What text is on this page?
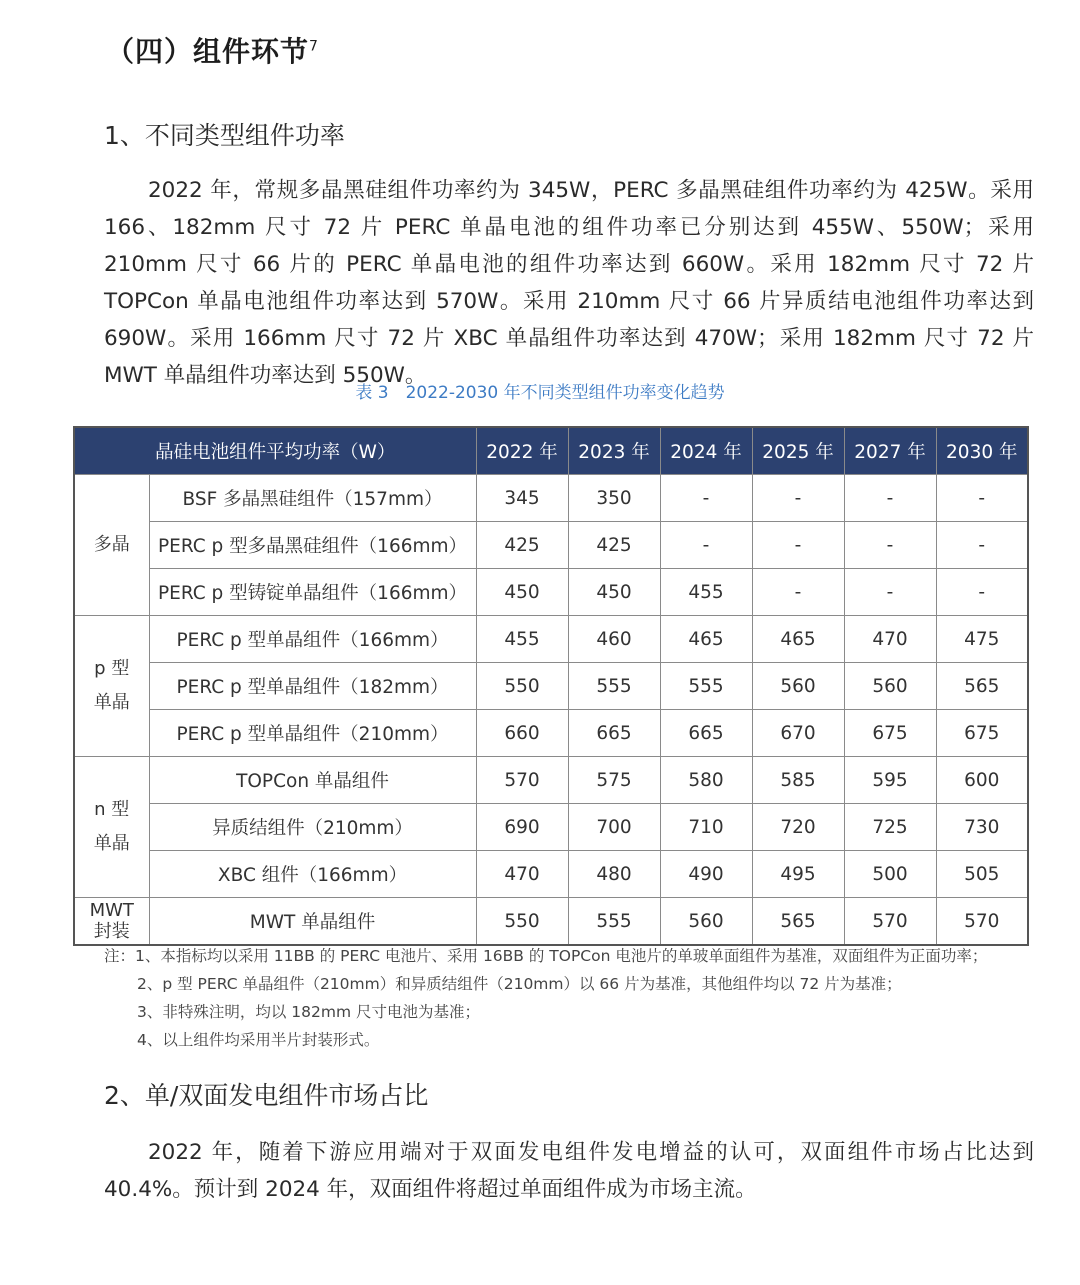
（四）组件环节$^7$
1、不同类型组件功率
2022 年，常规多晶黑硅组件功率约为 345W，PERC 多晶黑硅组件功率约为 425W。采用 166、182mm 尺寸 72 片 PERC 单晶电池的组件功率已分别达到 455W、550W；采用 210mm 尺寸 66 片的 PERC 单晶电池的组件功率达到 660W。采用 182mm 尺寸 72 片 TOPCon 单晶电池组件功率达到 570W。采用 210mm 尺寸 66 片异质结电池组件功率达到 690W。采用 166mm 尺寸 72 片 XBC 单晶组件功率达到 470W；采用 182mm 尺寸 72 片 MWT 单晶组件功率达到 550W。
表 3　2022-2030 年不同类型组件功率变化趋势
晶硅电池组件平均功率（W）		2022 年	2023 年	2024 年	2025 年	2027 年	2030 年
多晶	BSF 多晶黑硅组件（157mm）	345	350	-	-	-	-
	PERC p 型多晶黑硅组件（166mm）	425	425	-	-	-	-
	PERC p 型铸锭单晶组件（166mm）	450	450	455	-	-	-
p 型
单晶	PERC p 型单晶组件（166mm）	455	460	465	465	470	475
	PERC p 型单晶组件（182mm）	550	555	555	560	560	565
	PERC p 型单晶组件（210mm）	660	665	665	670	675	675
n 型
单晶	TOPCon 单晶组件	570	575	580	585	595	600
	异质结组件（210mm）	690	700	710	720	725	730
	XBC 组件（166mm）	470	480	490	495	500	505
MWT
封装	MWT 单晶组件	550	555	560	565	570	570
注：1、本指标均以采用 11BB 的 PERC 电池片、采用 16BB 的 TOPCon 电池片的单玻单面组件为基准，双面组件为正面功率；
2、p 型 PERC 单晶组件（210mm）和异质结组件（210mm）以 66 片为基准，其他组件均以 72 片为基准；
3、非特殊注明，均以 182mm 尺寸电池为基准；
4、以上组件均采用半片封装形式。
2、单/双面发电组件市场占比
2022 年，随着下游应用端对于双面发电组件发电增益的认可，双面组件市场占比达到 40.4%。预计到 2024 年，双面组件将超过单面组件成为市场主流。
